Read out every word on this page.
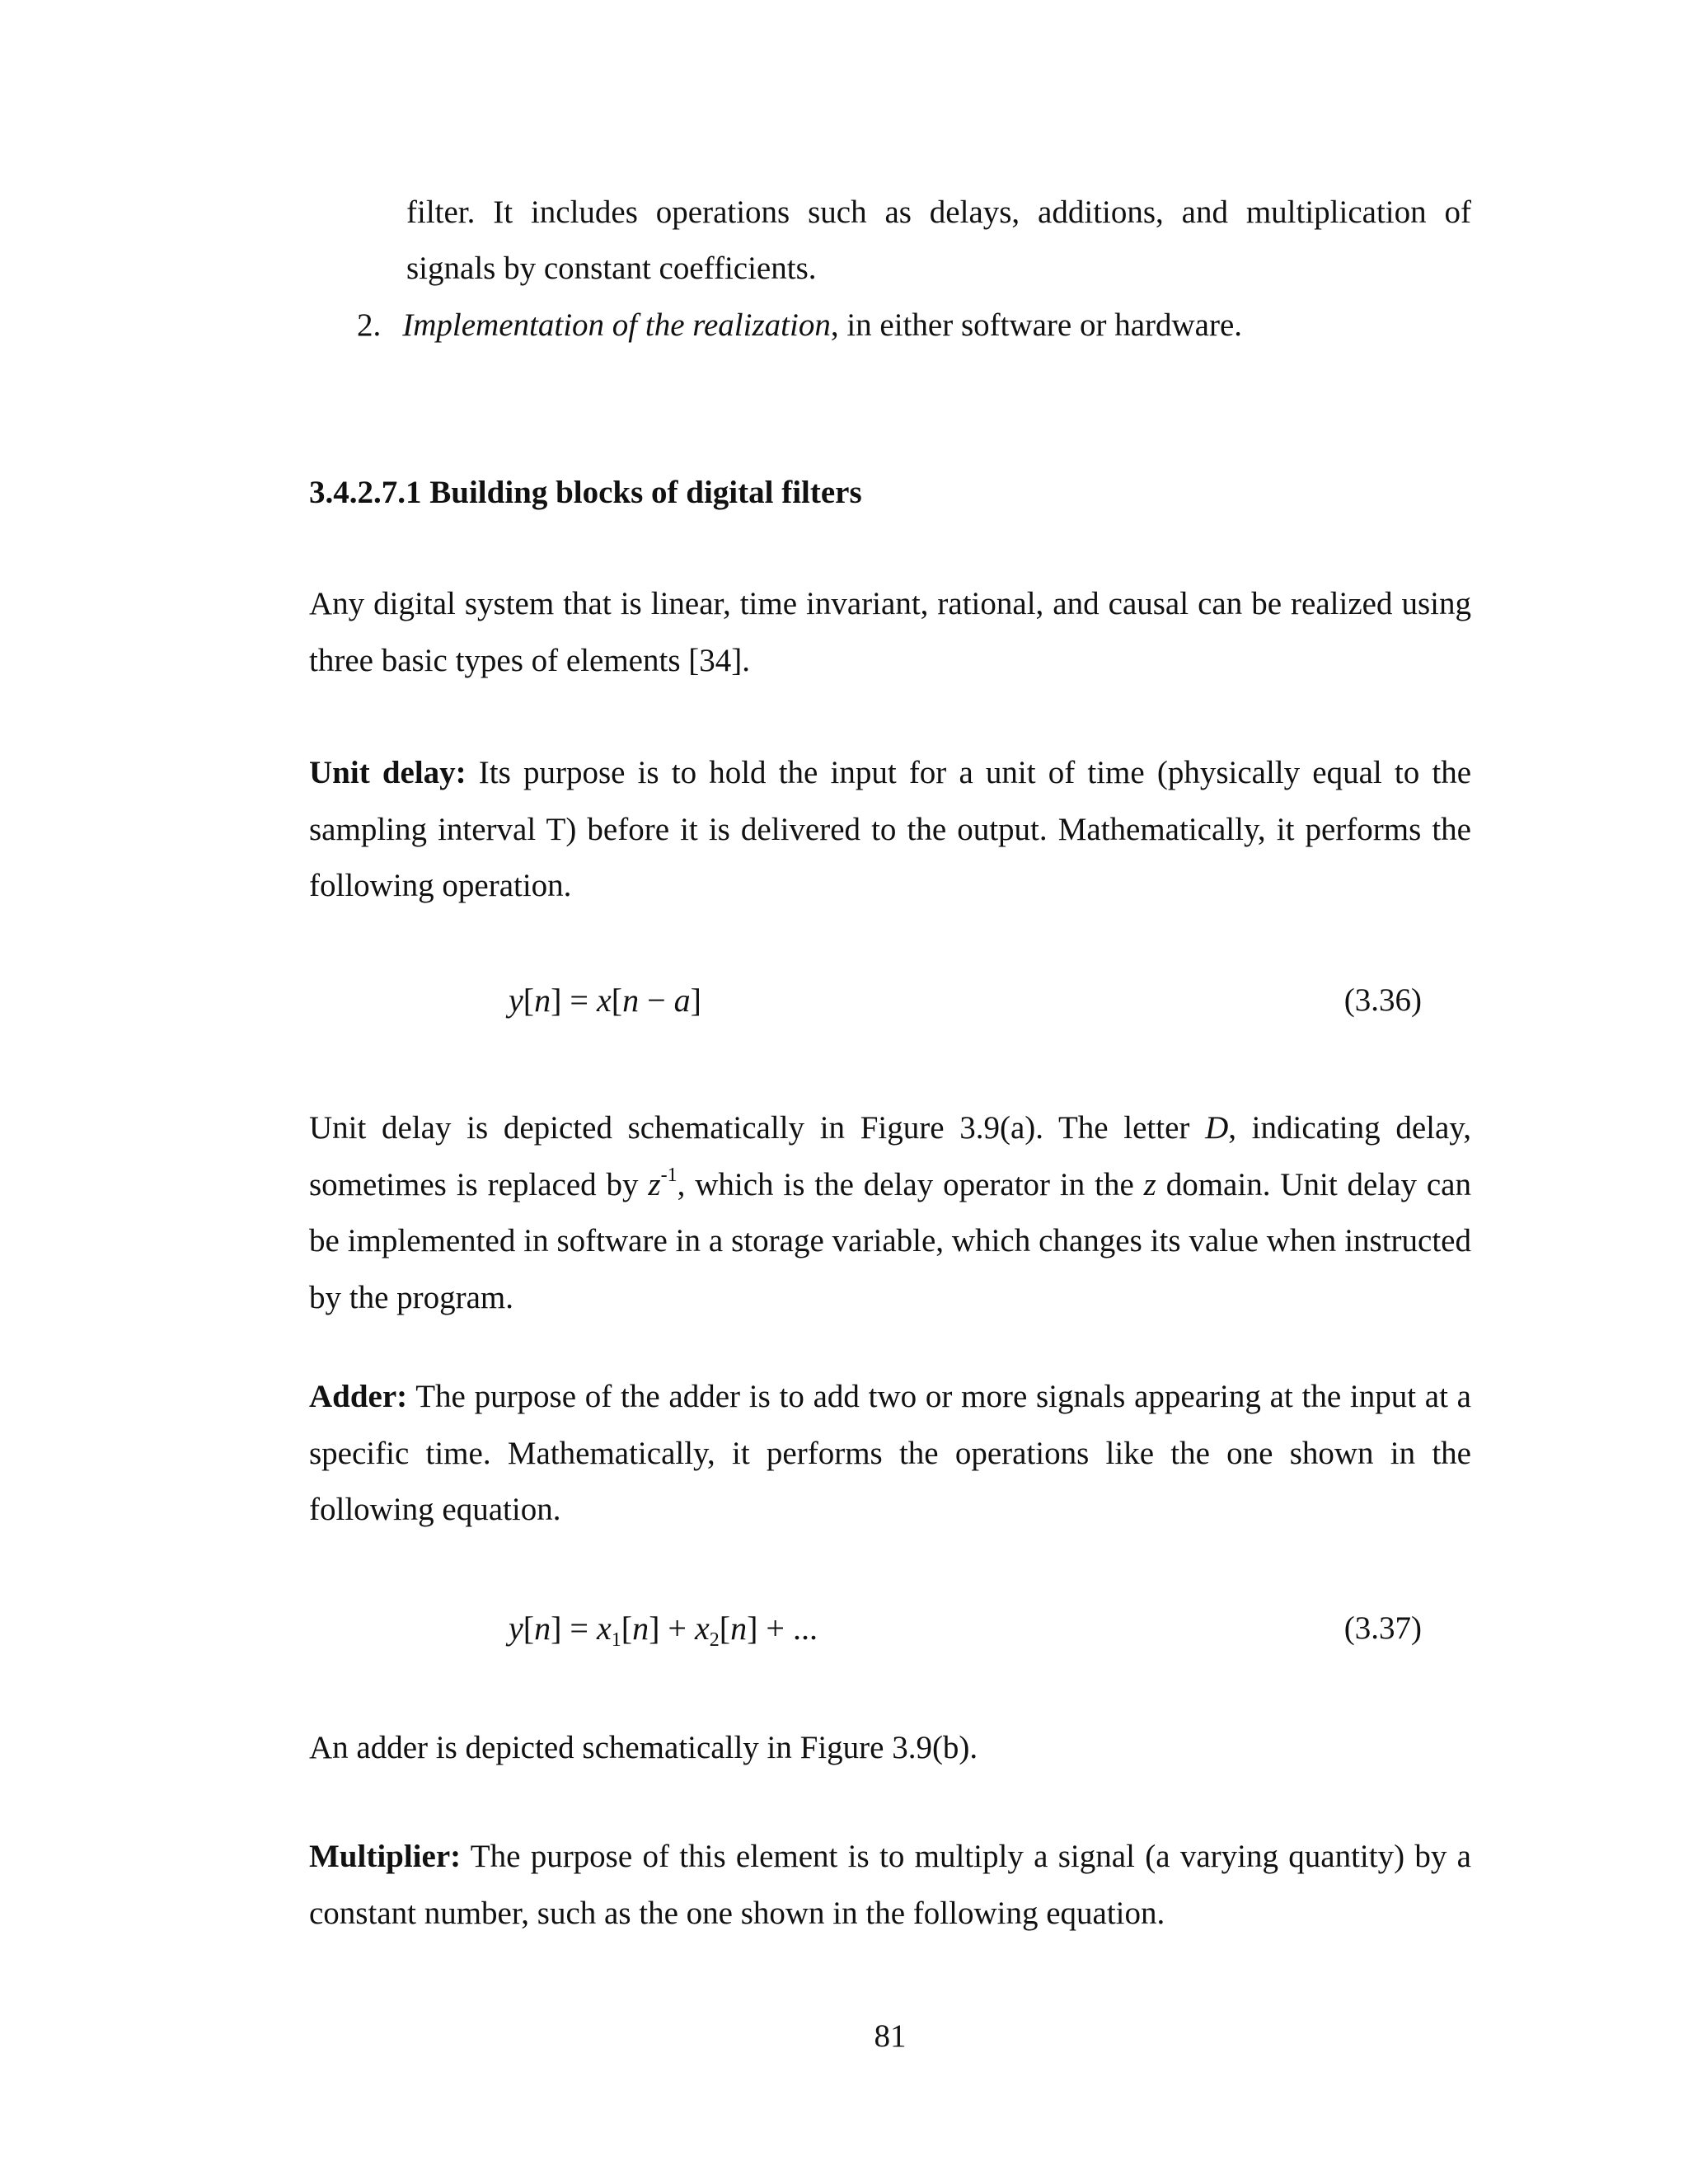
filter. It includes operations such as delays, additions, and multiplication of
signals by constant coefficients.
2. Implementation of the realization, in either software or hardware.
3.4.2.7.1 Building blocks of digital filters
Any digital system that is linear, time invariant, rational, and causal can be realized using three basic types of elements [34].
Unit delay: Its purpose is to hold the input for a unit of time (physically equal to the sampling interval T) before it is delivered to the output. Mathematically, it performs the following operation.
y[n] = x[n − a]	(3.36)
Unit delay is depicted schematically in Figure 3.9(a). The letter D, indicating delay, sometimes is replaced by $z^{-1}$, which is the delay operator in the z domain. Unit delay can be implemented in software in a storage variable, which changes its value when instructed by the program.
Adder: The purpose of the adder is to add two or more signals appearing at the input at a specific time. Mathematically, it performs the operations like the one shown in the following equation.
$y[n] = x_1[n] + x_2[n]$ + ...	(3.37)
An adder is depicted schematically in Figure 3.9(b).
Multiplier: The purpose of this element is to multiply a signal (a varying quantity) by a constant number, such as the one shown in the following equation.
81
